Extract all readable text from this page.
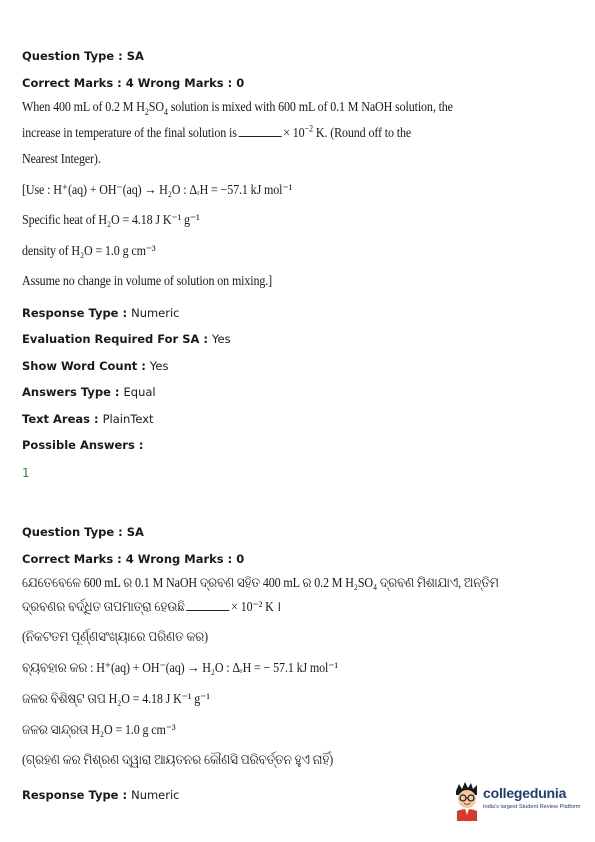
Question Type : SA
Correct Marks : 4 Wrong Marks : 0
When 400 mL of 0.2 M $H_2SO_4$ solution is mixed with 600 mL of 0.1 M NaOH solution, the
increase in temperature of the final solution is	× $10^{-2}$ K. (Round off to the
Nearest Integer).
[Use : H⁺(aq) + OH⁻(aq) → H₂O : ΔᵣH = −57.1 kJ mol⁻¹
Specific heat of H₂O = 4.18 J K⁻¹ g⁻¹
density of H₂O = 1.0 g cm⁻³
Assume no change in volume of solution on mixing.]
Response Type : Numeric
Evaluation Required For SA : Yes
Show Word Count : Yes
Answers Type : Equal
Text Areas : PlainText
Possible Answers :
1
Question Type : SA
Correct Marks : 4 Wrong Marks : 0
ଯେତେବେଳେ 600 mL ର 0.1 M NaOH ଦ୍ରବଣ ସହିତ 400 mL ର 0.2 M H₂SO₄ ଦ୍ରବଣ ମିଶାଯାଏ, ଅନ୍ତିମ
ଦ୍ରବଣର ବର୍ଦ୍ଧିତ ତାପମାତ୍ରା ହେଉଛି	× 10⁻² K ।
(ନିକଟତମ ପୂର୍ଣ୍ଣସଂଖ୍ୟାରେ ପରିଣତ କର)
ବ୍ୟବହାର କର : H⁺(aq) + OH⁻(aq) → H₂O : ΔᵣH = − 57.1 kJ mol⁻¹
ଜଳର ବିଶିଷ୍ଟ ତାପ H₂O = 4.18 J K⁻¹ g⁻¹
ଜଳର ସାନ୍ଦ୍ରତା H₂O = 1.0 g cm⁻³
(ଗ୍ରହଣ କର ମିଶ୍ରଣ ଦ୍ୱାରା ଆୟତନର କୌଣସି ପରିବର୍ତ୍ତନ ହୁଏ ନାହିଁ)
Response Type : Numeric	collegedunia
India's largest Student Review Platform
